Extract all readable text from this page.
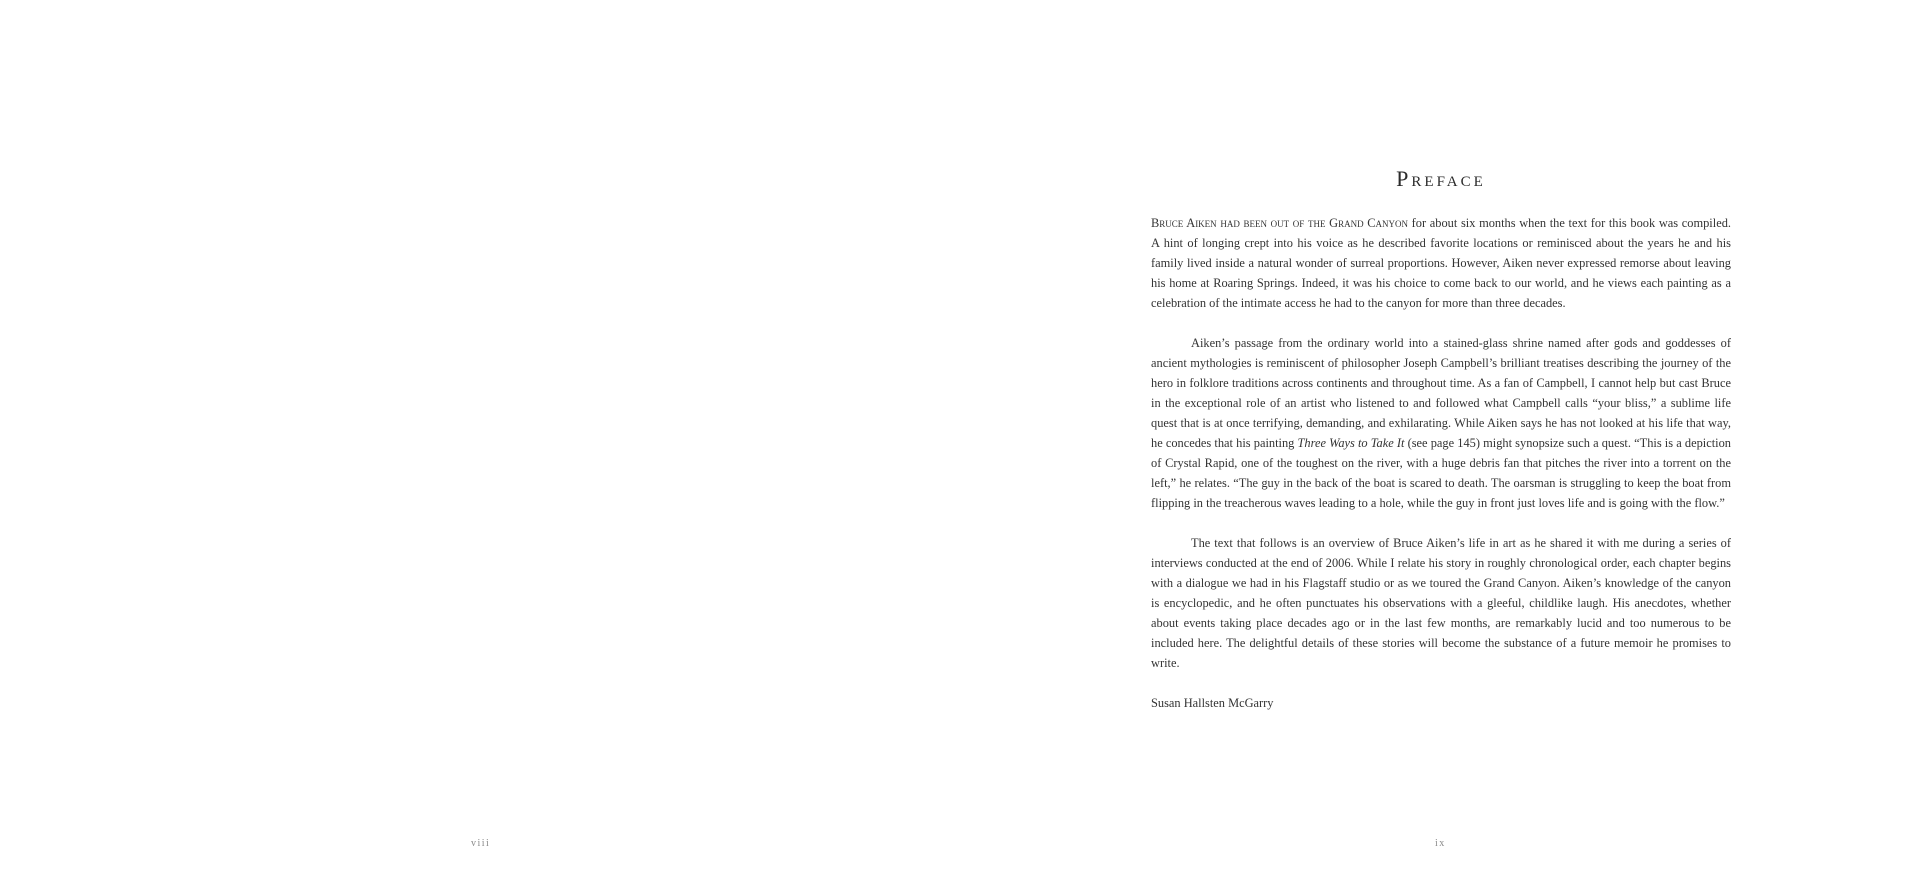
viii
Preface

Bruce Aiken had been out of the Grand Canyon for about six months when the text for this book was compiled. A hint of longing crept into his voice as he described favorite locations or reminisced about the years he and his family lived inside a natural wonder of surreal proportions. However, Aiken never expressed remorse about leaving his home at Roaring Springs. Indeed, it was his choice to come back to our world, and he views each painting as a celebration of the intimate access he had to the canyon for more than three decades.

Aiken’s passage from the ordinary world into a stained-glass shrine named after gods and goddesses of ancient mythologies is reminiscent of philosopher Joseph Campbell’s brilliant treatises describing the journey of the hero in folklore traditions across continents and throughout time. As a fan of Campbell, I cannot help but cast Bruce in the exceptional role of an artist who listened to and followed what Campbell calls “your bliss,” a sublime life quest that is at once terrifying, demanding, and exhilarating. While Aiken says he has not looked at his life that way, he concedes that his painting Three Ways to Take It (see page 145) might synopsize such a quest. “This is a depiction of Crystal Rapid, one of the toughest on the river, with a huge debris fan that pitches the river into a torrent on the left,” he relates. “The guy in the back of the boat is scared to death. The oarsman is struggling to keep the boat from flipping in the treacherous waves leading to a hole, while the guy in front just loves life and is going with the flow.”

The text that follows is an overview of Bruce Aiken’s life in art as he shared it with me during a series of interviews conducted at the end of 2006. While I relate his story in roughly chronological order, each chapter begins with a dialogue we had in his Flagstaff studio or as we toured the Grand Canyon. Aiken’s knowledge of the canyon is encyclopedic, and he often punctuates his observations with a gleeful, childlike laugh. His anecdotes, whether about events taking place decades ago or in the last few months, are remarkably lucid and too numerous to be included here. The delightful details of these stories will become the substance of a future memoir he promises to write.

Susan Hallsten McGarry

ix
